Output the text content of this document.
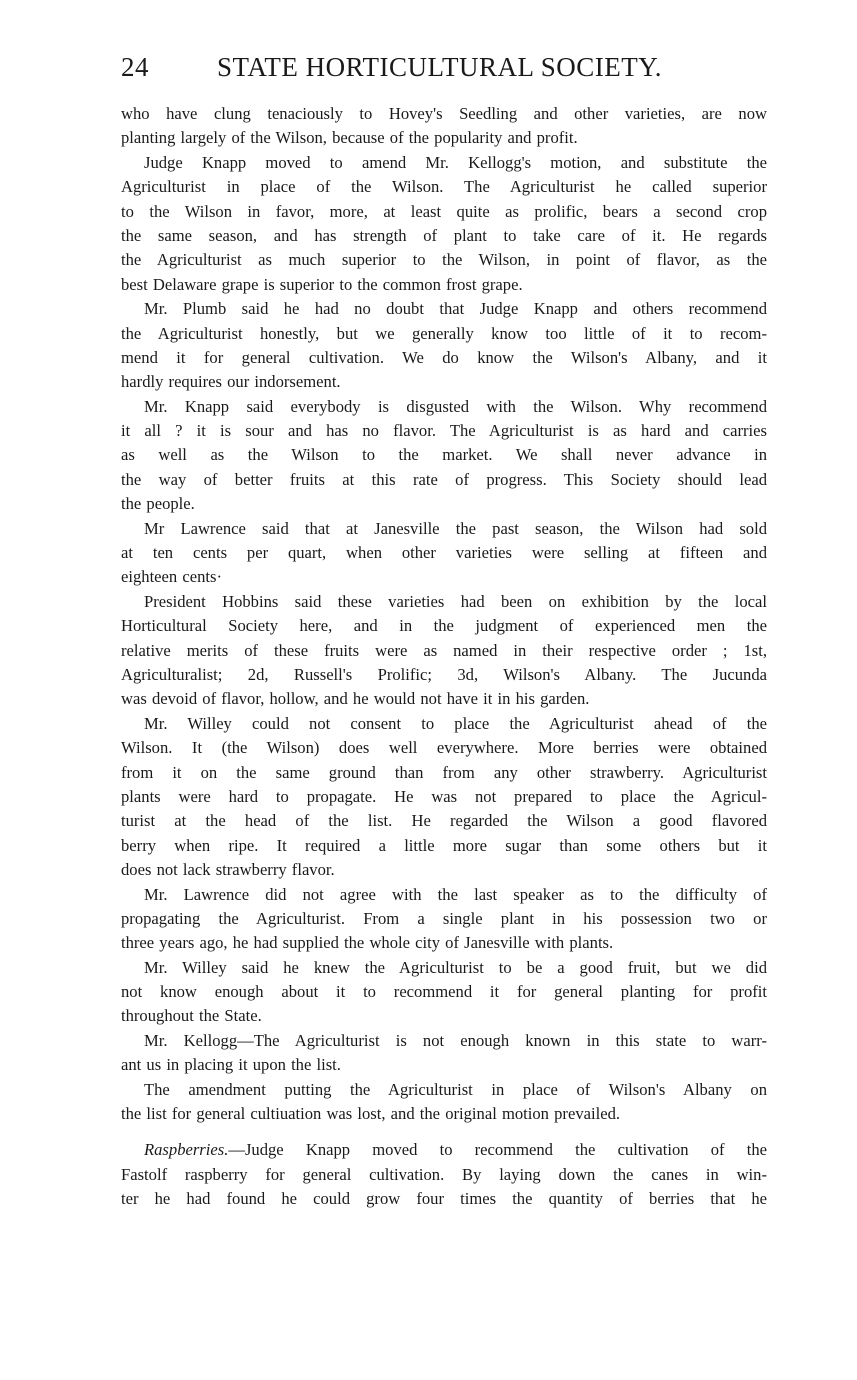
24	STATE HORTICULTURAL SOCIETY.
who have clung tenaciously to Hovey's Seedling and other varieties, are now
planting largely of the Wilson, because of the popularity and profit.
Judge Knapp moved to amend Mr. Kellogg's motion, and substitute the
Agriculturist in place of the Wilson. The Agriculturist he called superior
to the Wilson in favor, more, at least quite as prolific, bears a second crop
the same season, and has strength of plant to take care of it. He regards
the Agriculturist as much superior to the Wilson, in point of flavor, as the
best Delaware grape is superior to the common frost grape.
Mr. Plumb said he had no doubt that Judge Knapp and others recommend
the Agriculturist honestly, but we generally know too little of it to recom-
mend it for general cultivation. We do know the Wilson's Albany, and it
hardly requires our indorsement.
Mr. Knapp said everybody is disgusted with the Wilson. Why recommend
it all ? it is sour and has no flavor. The Agriculturist is as hard and carries
as well as the Wilson to the market. We shall never advance in
the way of better fruits at this rate of progress. This Society should lead
the people.
Mr Lawrence said that at Janesville the past season, the Wilson had sold
at ten cents per quart, when other varieties were selling at fifteen and
eighteen cents·
President Hobbins said these varieties had been on exhibition by the local
Horticultural Society here, and in the judgment of experienced men the
relative merits of these fruits were as named in their respective order ; 1st,
Agriculturalist; 2d, Russell's Prolific; 3d, Wilson's Albany. The Jucunda
was devoid of flavor, hollow, and he would not have it in his garden.
Mr. Willey could not consent to place the Agriculturist ahead of the
Wilson. It (the Wilson) does well everywhere. More berries were obtained
from it on the same ground than from any other strawberry. Agriculturist
plants were hard to propagate. He was not prepared to place the Agricul-
turist at the head of the list. He regarded the Wilson a good flavored
berry when ripe. It required a little more sugar than some others but it
does not lack strawberry flavor.
Mr. Lawrence did not agree with the last speaker as to the difficulty of
propagating the Agriculturist. From a single plant in his possession two or
three years ago, he had supplied the whole city of Janesville with plants.
Mr. Willey said he knew the Agriculturist to be a good fruit, but we did
not know enough about it to recommend it for general planting for profit
throughout the State.
Mr. Kellogg—The Agriculturist is not enough known in this state to warr-
ant us in placing it upon the list.
The amendment putting the Agriculturist in place of Wilson's Albany on
the list for general cultiuation was lost, and the original motion prevailed.
Raspberries.—Judge Knapp moved to recommend the cultivation of the
Fastolf raspberry for general cultivation. By laying down the canes in win-
ter he had found he could grow four times the quantity of berries that he
